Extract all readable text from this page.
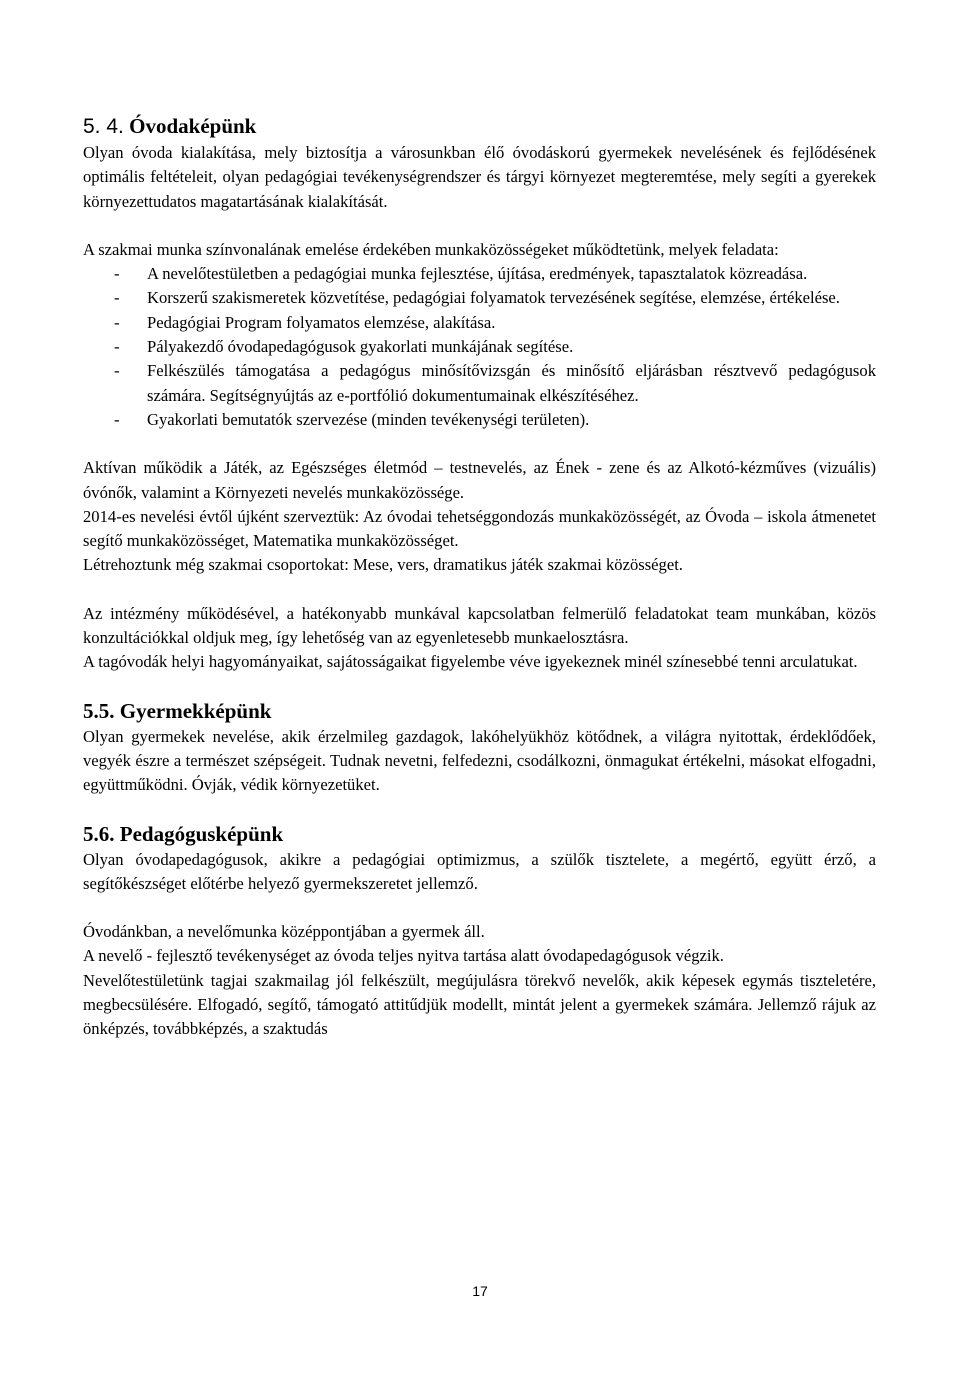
5. 4. Óvodaképünk

Olyan óvoda kialakítása, mely biztosítja a városunkban élő óvodáskorú gyermekek nevelésének és fejlődésének optimális feltételeit, olyan pedagógiai tevékenységrendszer és tárgyi környezet megteremtése, mely segíti a gyerekek környezettudatos magatartásának kialakítását.

A szakmai munka színvonalának emelése érdekében munkaközösségeket működtetünk, melyek feladata:

- A nevelőtestületben a pedagógiai munka fejlesztése, újítása, eredmények, tapasztalatok közreadása.
- Korszerű szakismeretek közvetítése, pedagógiai folyamatok tervezésének segítése, elemzése, értékelése.
- Pedagógiai Program folyamatos elemzése, alakítása.
- Pályakezdő óvodapedagógusok gyakorlati munkájának segítése.
- Felkészülés támogatása a pedagógus minősítővizsgán és minősítő eljárásban résztvevő pedagógusok számára. Segítségnyújtás az e-portfólió dokumentumainak elkészítéséhez.
- Gyakorlati bemutatók szervezése (minden tevékenységi területen).

Aktívan működik a Játék, az Egészséges életmód – testnevelés, az Ének - zene és az Alkotó-kézműves (vizuális) óvónők, valamint a Környezeti nevelés munkaközössége.

2014-es nevelési évtől újként szerveztük: Az óvodai tehetséggondozás munkaközösségét, az Óvoda – iskola átmenetet segítő munkaközösséget, Matematika munkaközösséget.

Létrehoztunk még szakmai csoportokat: Mese, vers, dramatikus játék szakmai közösséget.

Az intézmény működésével, a hatékonyabb munkával kapcsolatban felmerülő feladatokat team munkában, közös konzultációkkal oldjuk meg, így lehetőség van az egyenletesebb munkaelosztásra.

A tagóvodák helyi hagyományaikat, sajátosságaikat figyelembe véve igyekeznek minél színesebbé tenni arculatukat.

5.5. Gyermekképünk

Olyan gyermekek nevelése, akik érzelmileg gazdagok, lakóhelyükhöz kötődnek, a világra nyitottak, érdeklődőek, vegyék észre a természet szépségeit. Tudnak nevetni, felfedezni, csodálkozni, önmagukat értékelni, másokat elfogadni, együttműködni. Óvják, védik környezetüket.

5.6. Pedagógusképünk

Olyan óvodapedagógusok, akikre a pedagógiai optimizmus, a szülők tisztelete, a megértő, együtt érző, a segítőkészséget előtérbe helyező gyermekszeretet jellemző.

Óvodánkban, a nevelőmunka középpontjában a gyermek áll.

A nevelő - fejlesztő tevékenységet az óvoda teljes nyitva tartása alatt óvodapedagógusok végzik.

Nevelőtestületünk tagjai szakmailag jól felkészült, megújulásra törekvő nevelők, akik képesek egymás tiszteletére, megbecsülésére. Elfogadó, segítő, támogató attitűdjük modellt, mintát jelent a gyermekek számára. Jellemző rájuk az önképzés, továbbképzés, a szaktudás

17
